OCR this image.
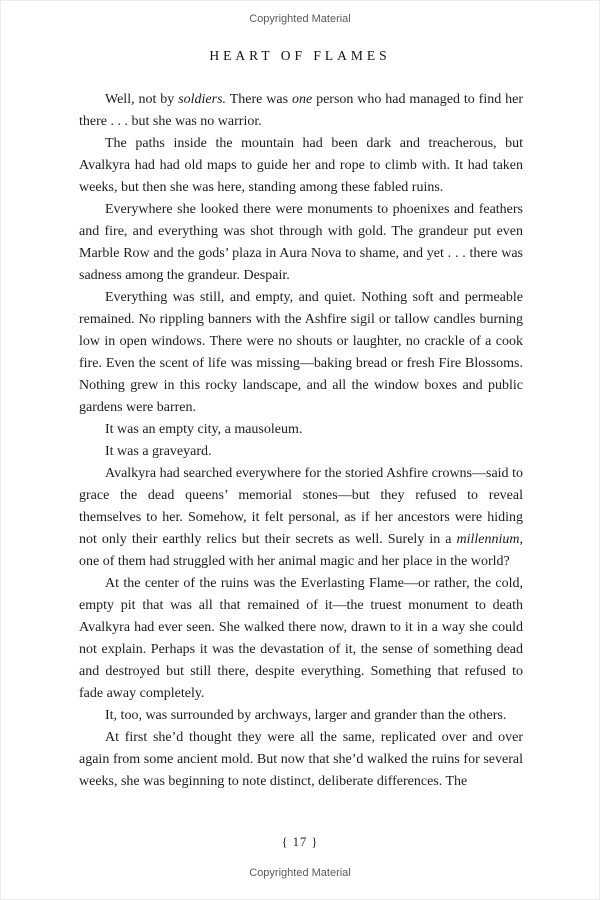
Copyrighted Material
HEART OF FLAMES

Well, not by soldiers. There was one person who had managed to find her there . . . but she was no warrior.

The paths inside the mountain had been dark and treacherous, but Avalkyra had had old maps to guide her and rope to climb with. It had taken weeks, but then she was here, standing among these fabled ruins.

Everywhere she looked there were monuments to phoenixes and feathers and fire, and everything was shot through with gold. The grandeur put even Marble Row and the gods’ plaza in Aura Nova to shame, and yet . . . there was sadness among the grandeur. Despair.

Everything was still, and empty, and quiet. Nothing soft and permeable remained. No rippling banners with the Ashfire sigil or tallow candles burning low in open windows. There were no shouts or laughter, no crackle of a cook fire. Even the scent of life was missing—baking bread or fresh Fire Blossoms. Nothing grew in this rocky landscape, and all the window boxes and public gardens were barren.

It was an empty city, a mausoleum.

It was a graveyard.

Avalkyra had searched everywhere for the storied Ashfire crowns—said to grace the dead queens’ memorial stones—but they refused to reveal themselves to her. Somehow, it felt personal, as if her ancestors were hiding not only their earthly relics but their secrets as well. Surely in a millennium, one of them had struggled with her animal magic and her place in the world?

At the center of the ruins was the Everlasting Flame—or rather, the cold, empty pit that was all that remained of it—the truest monument to death Avalkyra had ever seen. She walked there now, drawn to it in a way she could not explain. Perhaps it was the devastation of it, the sense of something dead and destroyed but still there, despite everything. Something that refused to fade away completely.

It, too, was surrounded by archways, larger and grander than the others.

At first she’d thought they were all the same, replicated over and over again from some ancient mold. But now that she’d walked the ruins for several weeks, she was beginning to note distinct, deliberate differences. The

{ 17 }
Copyrighted Material
